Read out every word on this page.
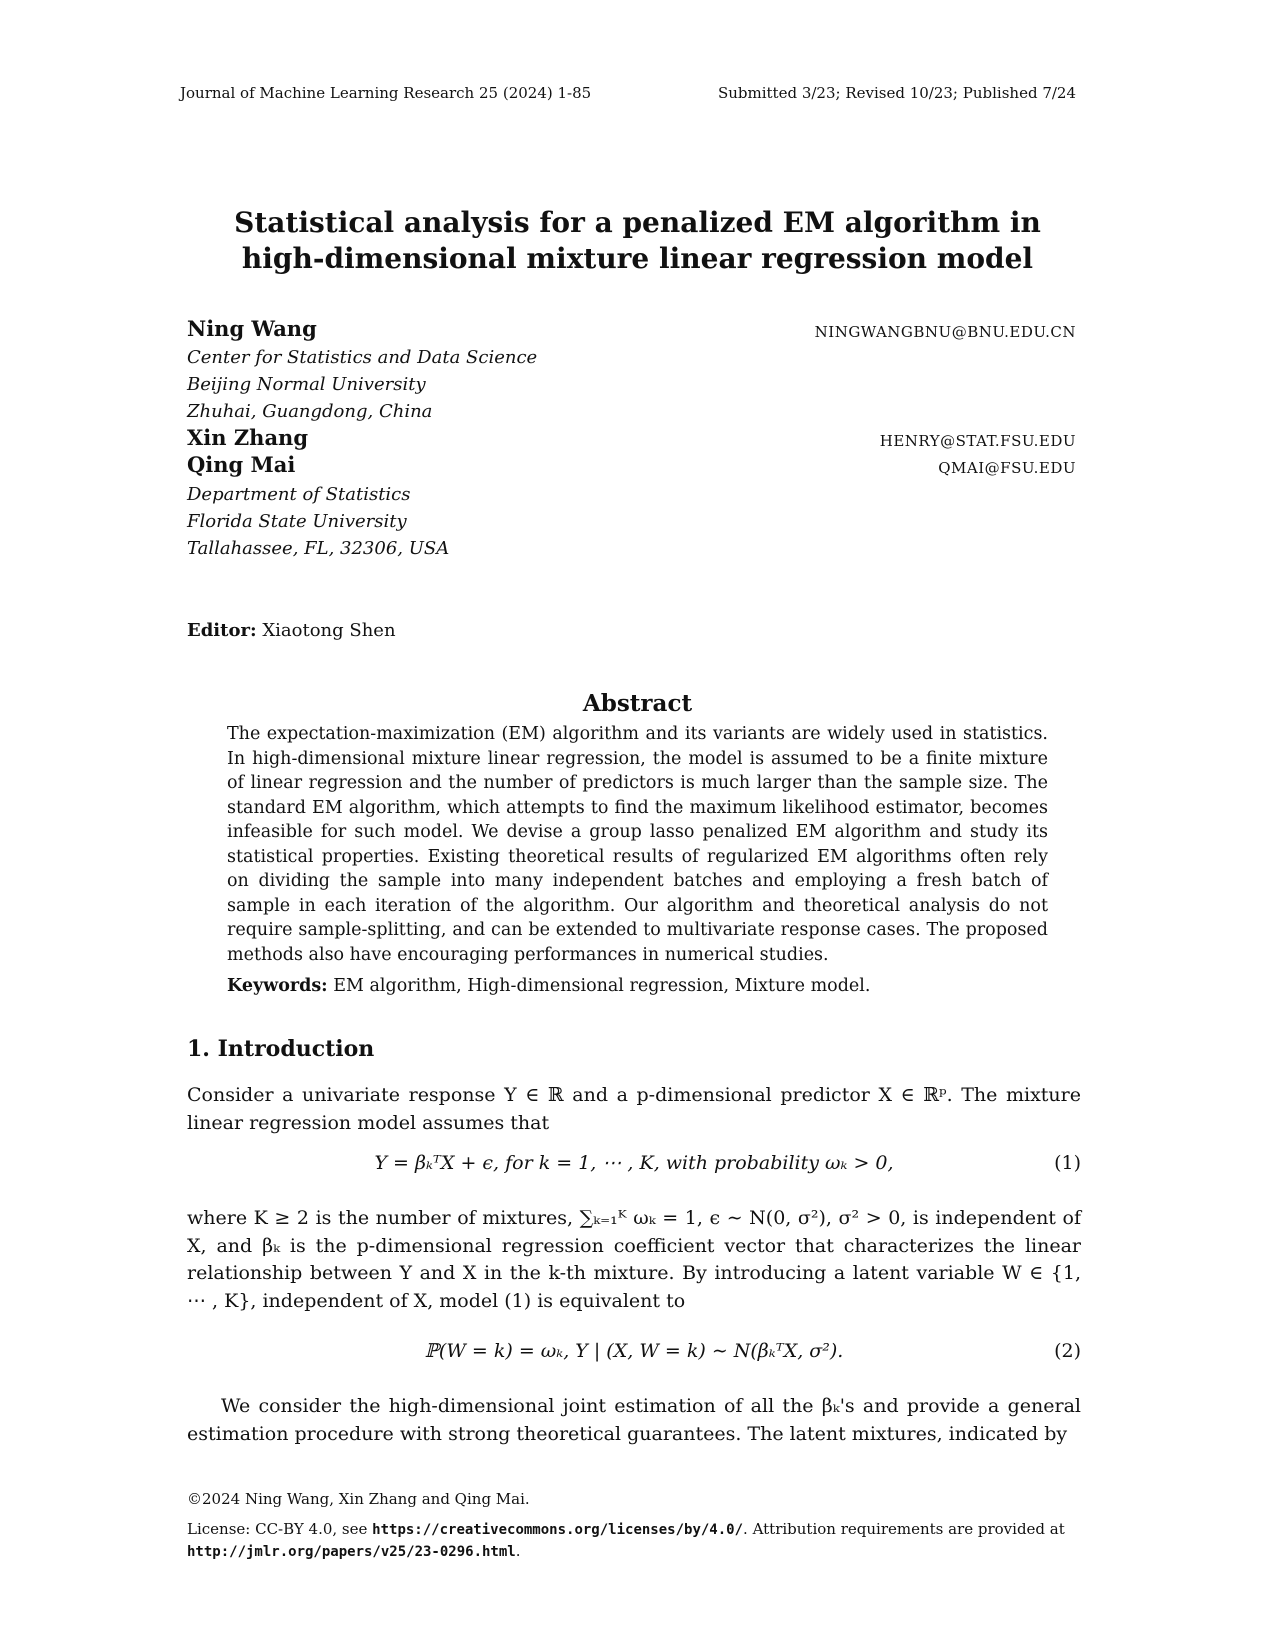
Journal of Machine Learning Research 25 (2024) 1-85	Submitted 3/23; Revised 10/23; Published 7/24
Statistical analysis for a penalized EM algorithm in
high-dimensional mixture linear regression model
Ning Wang	NINGWANGBNU@BNU.EDU.CN
Center for Statistics and Data Science
Beijing Normal University
Zhuhai, Guangdong, China
Xin Zhang	HENRY@STAT.FSU.EDU
Qing Mai	QMAI@FSU.EDU
Department of Statistics
Florida State University
Tallahassee, FL, 32306, USA
Editor: Xiaotong Shen
Abstract
The expectation-maximization (EM) algorithm and its variants are widely used in statistics. In high-dimensional mixture linear regression, the model is assumed to be a finite mixture of linear regression and the number of predictors is much larger than the sample size. The standard EM algorithm, which attempts to find the maximum likelihood estimator, becomes infeasible for such model. We devise a group lasso penalized EM algorithm and study its statistical properties. Existing theoretical results of regularized EM algorithms often rely on dividing the sample into many independent batches and employing a fresh batch of sample in each iteration of the algorithm. Our algorithm and theoretical analysis do not require sample-splitting, and can be extended to multivariate response cases. The proposed methods also have encouraging performances in numerical studies.
Keywords: EM algorithm, High-dimensional regression, Mixture model.
1. Introduction
Consider a univariate response Y ∈ ℝ and a p-dimensional predictor X ∈ ℝᵖ. The mixture linear regression model assumes that
Y = βₖᵀX + ϵ, for k = 1, ⋯ , K, with probability ωₖ > 0,	(1)
where K ≥ 2 is the number of mixtures, ∑ₖ₌₁ᴷ ωₖ = 1, ϵ ∼ N(0, σ²), σ² > 0, is independent of X, and βₖ is the p-dimensional regression coefficient vector that characterizes the linear relationship between Y and X in the k-th mixture. By introducing a latent variable W ∈ {1, ⋯ , K}, independent of X, model (1) is equivalent to
ℙ(W = k) = ωₖ, Y | (X, W = k) ∼ N(βₖᵀX, σ²).	(2)
We consider the high-dimensional joint estimation of all the βₖ's and provide a general estimation procedure with strong theoretical guarantees. The latent mixtures, indicated by
©2024 Ning Wang, Xin Zhang and Qing Mai.
License: CC-BY 4.0, see https://creativecommons.org/licenses/by/4.0/. Attribution requirements are provided at http://jmlr.org/papers/v25/23-0296.html.
